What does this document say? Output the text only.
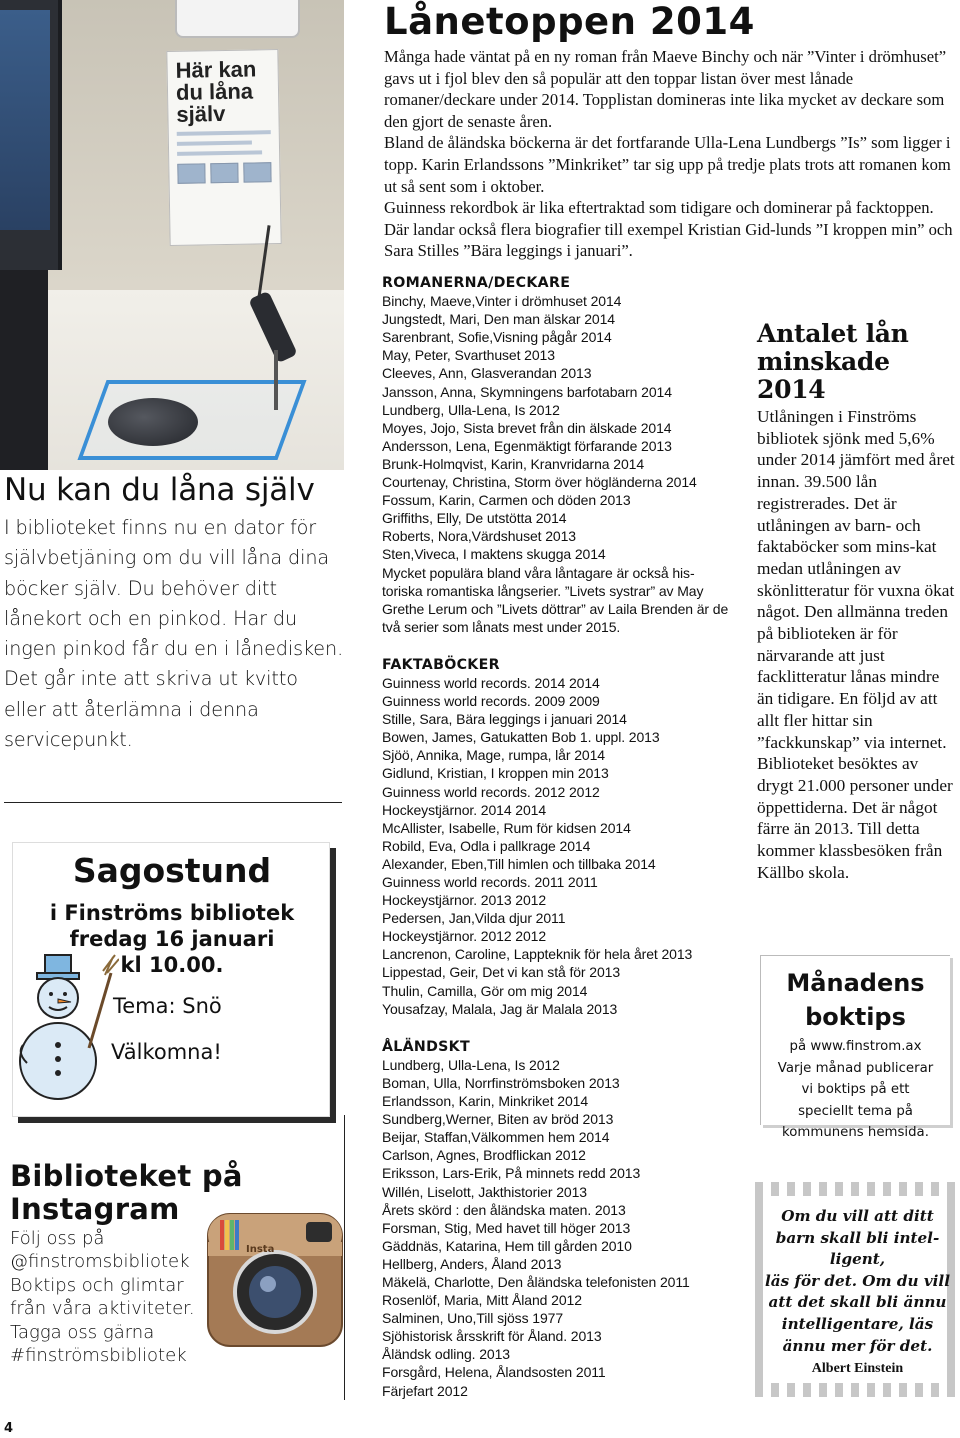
Här kan du låna själv
Lånetoppen 2014

Många hade väntat på en ny roman från Maeve Binchy och när ”Vinter i drömhuset” gavs ut i fjol blev den så populär att den toppar listan över mest lånade romaner/deckare under 2014. Topplistan domineras inte lika mycket av deckare som den gjort de senaste åren.

Bland de åländska böckerna är det fortfarande Ulla-Lena Lundbergs ”Is” som ligger i topp. Karin Erlandssons ”Minkriket” tar sig upp på tredje plats trots att romanen kom ut så sent som i oktober.

Guinness rekordbok är lika eftertraktad som tidigare och dominerar på facktoppen. Där landar också flera biografier till exempel Kristian Gid-lunds ”I kroppen min” och Sara Stilles ”Bära leggings i januari”.

Nu kan du låna själv
I biblioteket finns nu en dator för självbetjäning om du vill låna dina böcker själv. Du behöver ditt lånekort och en pinkod. Har du ingen pinkod får du en i lånedisken. Det går inte att skriva ut kvitto eller att återlämna i denna servicepunkt.
Sagostund
i Finströms bibliotek
fredag 16 januari
kl 10.00.
Tema: Snö
Välkomna!
Biblioteket på
Instagram
Följ oss på
@finstromsbibliotek
Boktips och glimtar
från våra aktiviteter.
Tagga oss gärna
#finströmsbibliotek
Insta
ROMANERNA/DECKARE
Binchy, Maeve,Vinter i drömhuset 2014
Jungstedt, Mari, Den man älskar 2014
Sarenbrant, Sofie,Visning pågår 2014
May, Peter, Svarthuset 2013
Cleeves, Ann, Glasverandan 2013
Jansson, Anna, Skymningens barfotabarn 2014
Lundberg, Ulla-Lena, Is 2012
Moyes, Jojo, Sista brevet från din älskade 2014
Andersson, Lena, Egenmäktigt förfarande 2013
Brunk-Holmqvist, Karin, Kranvridarna 2014
Courtenay, Christina, Storm över högländerna 2014
Fossum, Karin, Carmen och döden 2013
Griffiths, Elly, De utstötta 2014
Roberts, Nora,Värdshuset 2013
Sten,Viveca, I maktens skugga 2014
Mycket populära bland våra låntagare är också his-toriska romantiska långserier. ”Livets systrar” av May Grethe Lerum och ”Livets döttrar” av Laila Brenden är de två serier som lånats mest under 2015.
FAKTABÖCKER
Guinness world records. 2014 2014
Guinness world records. 2009 2009
Stille, Sara, Bära leggings i januari 2014
Bowen, James, Gatukatten Bob 1. uppl. 2013
Sjöö, Annika, Mage, rumpa, lår 2014
Gidlund, Kristian, I kroppen min 2013
Guinness world records. 2012 2012
Hockeystjärnor. 2014 2014
McAllister, Isabelle, Rum för kidsen 2014
Robild, Eva, Odla i pallkrage 2014
Alexander, Eben,Till himlen och tillbaka 2014
Guinness world records. 2011 2011
Hockeystjärnor. 2013 2012
Pedersen, Jan,Vilda djur 2011
Hockeystjärnor. 2012 2012
Lancrenon, Caroline, Lappteknik för hela året 2013
Lippestad, Geir, Det vi kan stå för 2013
Thulin, Camilla, Gör om mig 2014
Yousafzay, Malala, Jag är Malala 2013
ÅLÄNDSKT
Lundberg, Ulla-Lena, Is 2012
Boman, Ulla, Norrfinströmsboken 2013
Erlandsson, Karin, Minkriket 2014
Sundberg,Werner, Biten av bröd 2013
Beijar, Staffan,Välkommen hem 2014
Carlson, Agnes, Brodflickan 2012
Eriksson, Lars-Erik, På minnets redd 2013
Willén, Liselott, Jakthistorier 2013
Årets skörd : den åländska maten. 2013
Forsman, Stig, Med havet till höger 2013
Gäddnäs, Katarina, Hem till gården 2010
Hellberg, Anders, Åland 2013
Mäkelä, Charlotte, Den åländska telefonisten 2011
Rosenlöf, Maria, Mitt Åland 2012
Salminen, Uno,Till sjöss 1977
Sjöhistorisk årsskrift för Åland. 2013
Åländsk odling. 2013
Forsgård, Helena, Ålandsosten 2011
Färjefart 2012
Antalet lån
minskade 2014
Utlåningen i Finströms bibliotek sjönk med 5,6% under 2014 jämfört med året innan. 39.500 lån registrerades. Det är utlåningen av barn- och faktaböcker som mins-kat medan utlåningen av skönlitteratur för vuxna ökat något. Den allmänna treden på biblioteken är för närvarande att just facklitteratur lånas mindre än tidigare. En följd av att allt fler hittar sin ”fackkunskap” via internet. Biblioteket besöktes av drygt 21.000 personer under öppettiderna. Det är något färre än 2013. Till detta kommer klassbesöken från Källbo skola.
Månadens
boktips
på www.finstrom.ax
Varje månad publicerar
vi boktips på ett
speciellt tema på
kommunens hemsida.
Om du vill att ditt
barn skall bli intel-
ligent,
läs för det. Om du vill
att det skall bli ännu
intelligentare, läs
ännu mer för det.
Albert Einstein
4
